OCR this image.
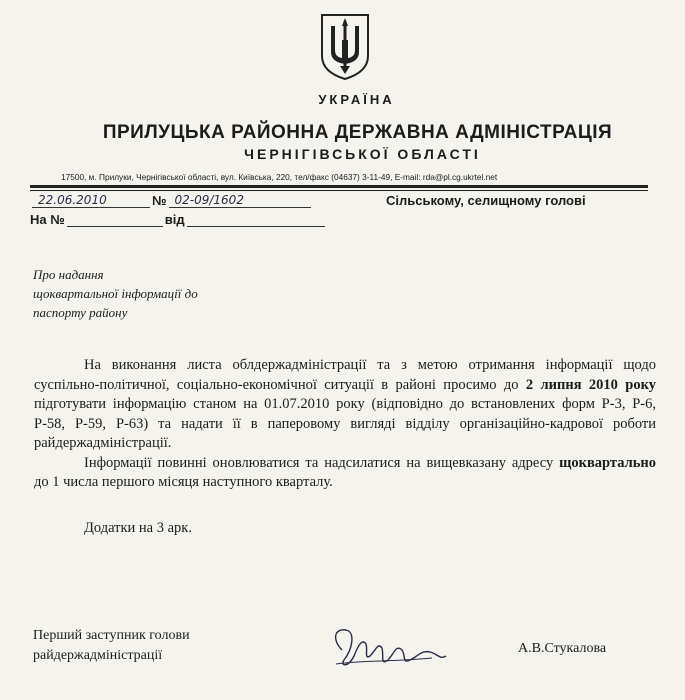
УКРАЇНА
ПРИЛУЦЬКА РАЙОННА ДЕРЖАВНА АДМІНІСТРАЦІЯ
ЧЕРНІГІВСЬКОЇ ОБЛАСТІ
17500, м. Прилуки, Чернігівської області, вул. Київська, 220, тел/факс (04637) 3-11-49, E-mail: rda@pl.cg.ukrtel.net
22.06.2010	№ 02-09/1602
На №	від
Сільському, селищному голові
Про надання
щоквартальної інформації до
паспорту району

На виконання листа облдержадміністрації та з метою отримання інформації щодо суспільно-політичної, соціально-економічної ситуації в районі просимо до 2 липня 2010 року підготувати інформацію станом на 01.07.2010 року (відповідно до встановлених форм Р-3, Р-6, Р-58, Р-59, Р-63) та надати її в паперовому вигляді відділу організаційно-кадрової роботи райдержадміністрації.

Інформації повинні оновлюватися та надсилатися на вищевказану адресу щоквартально до 1 числа першого місяця наступного кварталу.

Додатки на 3 арк.
Перший заступник голови
райдержадміністрації	А.В.Стукалова
